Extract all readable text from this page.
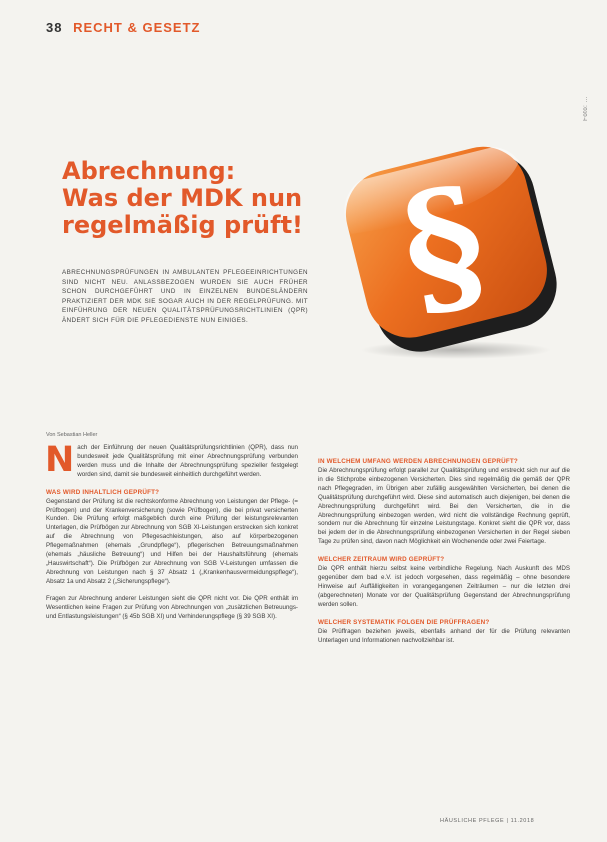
38 RECHT & GESETZ
Foto: ...
Abrechnung:
Was der MDK nun
regelmäßig prüft!

ABRECHNUNGSPRÜFUNGEN IN AMBULANTEN PFLEGEEINRICHTUNGEN SIND NICHT NEU. ANLASSBEZOGEN WURDEN SIE AUCH FRÜHER SCHON DURCHGEFÜHRT UND IN EINZELNEN BUNDESLÄNDERN PRAKTIZIERT DER MDK SIE SOGAR AUCH IN DER REGELPRÜFUNG. MIT EINFÜHRUNG DER NEUEN QUALITÄTSPRÜFUNGSRICHTLINIEN (QPR) ÄNDERT SICH FÜR DIE PFLEGEDIENSTE NUN EINIGES. §
Von Sebastian Heller

Nach der Einführung der neuen Qualitätsprüfungsrichtlinien (QPR), dass nun bundesweit jede Qualitätsprüfung mit einer Abrechnungsprüfung verbunden werden muss und die Inhalte der Abrechnungsprüfung spezieller festgelegt worden sind, damit sie bundesweit einheitlich durchgeführt werden.

WAS WIRD INHALTLICH GEPRÜFT?

Gegenstand der Prüfung ist die rechtskonforme Abrechnung von Leistungen der Pflege- (= Prüfbogen) und der Krankenversicherung (sowie Prüfbogen), die bei privat versicherten Kunden. Die Prüfung erfolgt maßgeblich durch eine Prüfung der leistungsrelevanten Unterlagen, die Prüfbögen zur Abrechnung von SGB XI-Leistungen erstrecken sich konkret auf die Abrechnung von Pflegesachleistungen, also auf körperbezogenen Pflegemaßnahmen (ehemals „Grundpflege“), pflegerischen Betreuungsmaßnahmen (ehemals „häusliche Betreuung“) und Hilfen bei der Haushaltsführung (ehemals „Hauswirtschaft“). Die Prüfbögen zur Abrechnung von SGB V-Leistungen umfassen die Abrechnung von Leistungen nach § 37 Absatz 1 („Krankenhausvermeidungspflege“), Absatz 1a und Absatz 2 („Sicherungspflege“).

Fragen zur Abrechnung anderer Leistungen sieht die QPR nicht vor. Die QPR enthält im Wesentlichen keine Fragen zur Prüfung von Abrechnungen von „zusätzlichen Betreuungs- und Entlastungsleistungen“ (§ 45b SGB XI) und Verhinderungspflege (§ 39 SGB XI).

IN WELCHEM UMFANG WERDEN ABRECHNUNGEN GEPRÜFT?

Die Abrechnungsprüfung erfolgt parallel zur Qualitätsprüfung und erstreckt sich nur auf die in die Stichprobe einbezogenen Versicherten. Dies sind regelmäßig die gemäß der QPR nach Pflegegraden, im Übrigen aber zufällig ausgewählten Versicherten, bei denen die Qualitätsprüfung durchgeführt wird. Diese sind automatisch auch diejenigen, bei denen die Abrechnungsprüfung durchgeführt wird. Bei den Versicherten, die in die Abrechnungsprüfung einbezogen werden, wird nicht die vollständige Rechnung geprüft, sondern nur die Abrechnung für einzelne Leistungstage. Konkret sieht die QPR vor, dass bei jedem der in die Abrechnungsprüfung einbezogenen Versicherten in der Regel sieben Tage zu prüfen sind, davon nach Möglichkeit ein Wochenende oder zwei Feiertage.

WELCHER ZEITRAUM WIRD GEPRÜFT?

Die QPR enthält hierzu selbst keine verbindliche Regelung. Nach Auskunft des MDS gegenüber dem bad e.V. ist jedoch vorgesehen, dass regelmäßig – ohne besondere Hinweise auf Auffälligkeiten in vorangegangenen Zeiträumen – nur die letzten drei (abgerechneten) Monate vor der Qualitätsprüfung Gegenstand der Abrechnungsprüfung werden sollen.

WELCHER SYSTEMATIK FOLGEN DIE PRÜFFRAGEN?

Die Prüffragen beziehen jeweils, ebenfalls anhand der für die Prüfung relevanten Unterlagen und Informationen nachvollziehbar ist.

HÄUSLICHE PFLEGE | 11.2018
